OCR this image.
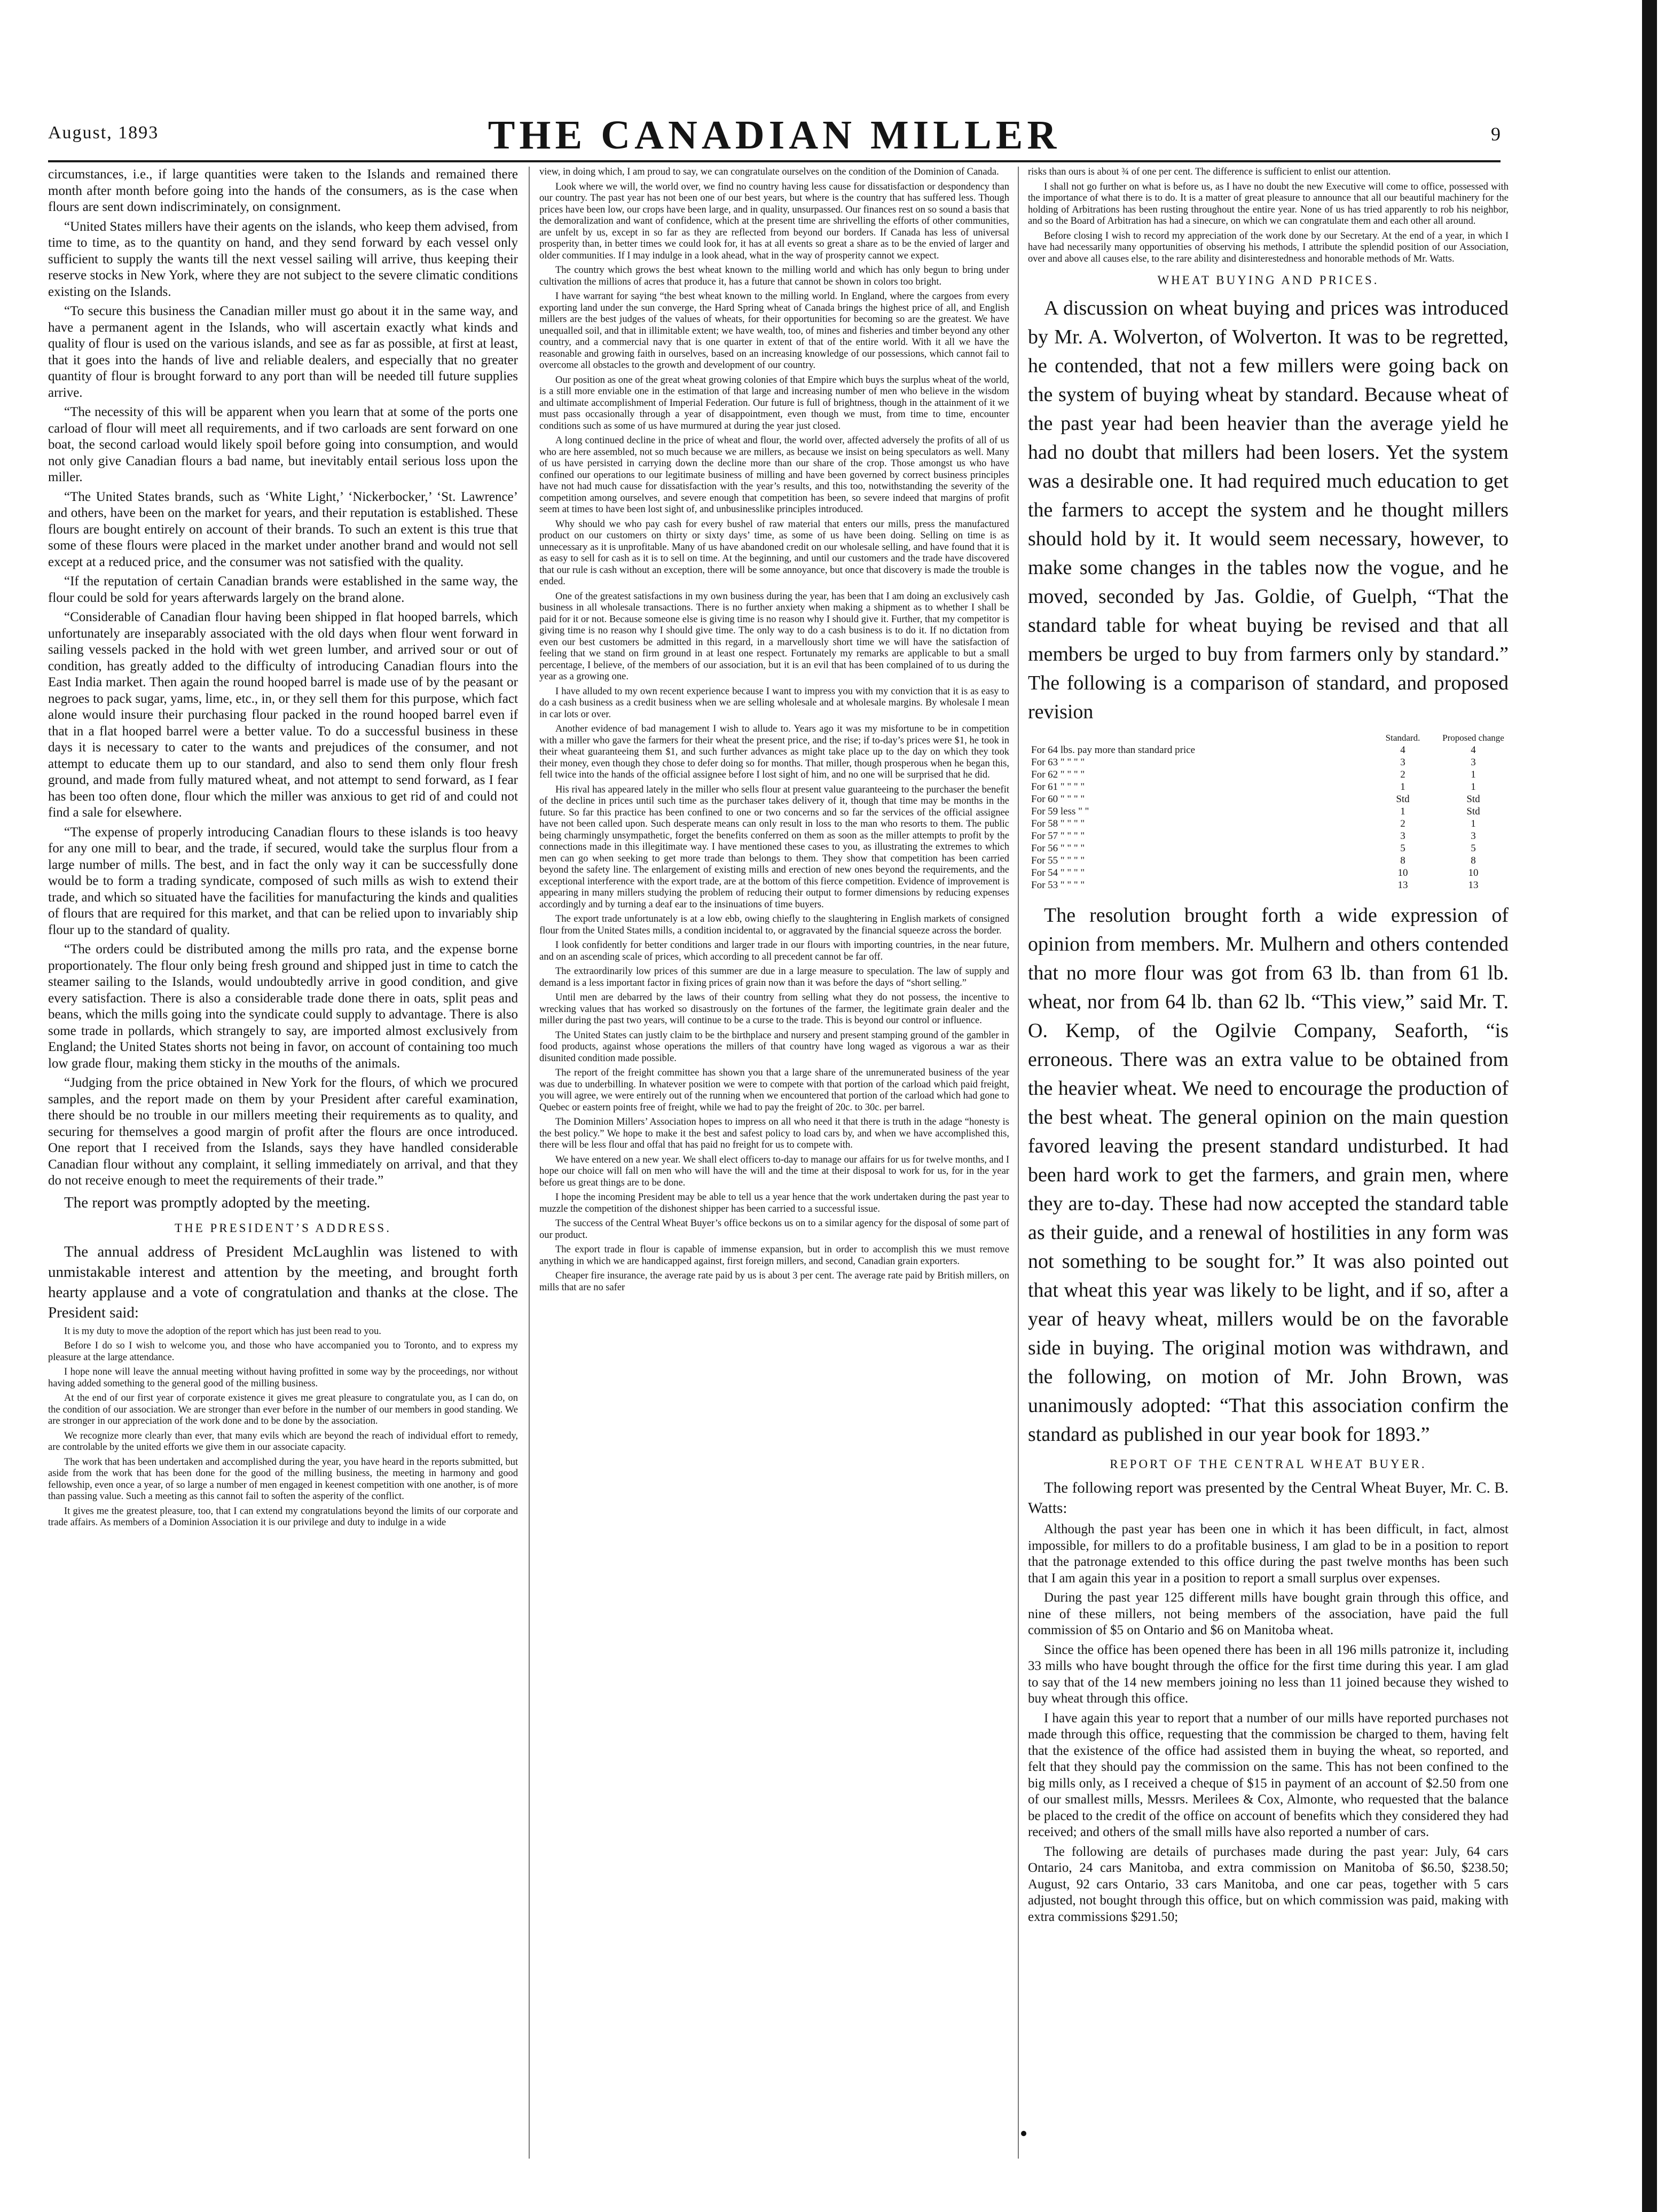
August, 1893	THE CANADIAN MILLER	9

circumstances, i.e., if large quantities were taken to the Islands and remained there month after month before going into the hands of the consumers, as is the case when flours are sent down indiscriminately, on consignment.

“United States millers have their agents on the islands, who keep them advised, from time to time, as to the quantity on hand, and they send forward by each vessel only sufficient to supply the wants till the next vessel sailing will arrive, thus keeping their reserve stocks in New York, where they are not subject to the severe climatic conditions existing on the Islands.

“To secure this business the Canadian miller must go about it in the same way, and have a permanent agent in the Islands, who will ascertain exactly what kinds and quality of flour is used on the various islands, and see as far as possible, at first at least, that it goes into the hands of live and reliable dealers, and especially that no greater quantity of flour is brought forward to any port than will be needed till future supplies arrive.

“The necessity of this will be apparent when you learn that at some of the ports one carload of flour will meet all requirements, and if two carloads are sent forward on one boat, the second carload would likely spoil before going into consumption, and would not only give Canadian flours a bad name, but inevitably entail serious loss upon the miller.

“The United States brands, such as ‘White Light,’ ‘Nickerbocker,’ ‘St. Lawrence’ and others, have been on the market for years, and their reputation is established. These flours are bought entirely on account of their brands. To such an extent is this true that some of these flours were placed in the market under another brand and would not sell except at a reduced price, and the consumer was not satisfied with the quality.

“If the reputation of certain Canadian brands were established in the same way, the flour could be sold for years afterwards largely on the brand alone.

“Considerable of Canadian flour having been shipped in flat hooped barrels, which unfortunately are inseparably associated with the old days when flour went forward in sailing vessels packed in the hold with wet green lumber, and arrived sour or out of condition, has greatly added to the difficulty of introducing Canadian flours into the East India market. Then again the round hooped barrel is made use of by the peasant or negroes to pack sugar, yams, lime, etc., in, or they sell them for this purpose, which fact alone would insure their purchasing flour packed in the round hooped barrel even if that in a flat hooped barrel were a better value. To do a successful business in these days it is necessary to cater to the wants and prejudices of the consumer, and not attempt to educate them up to our standard, and also to send them only flour fresh ground, and made from fully matured wheat, and not attempt to send forward, as I fear has been too often done, flour which the miller was anxious to get rid of and could not find a sale for elsewhere.

“The expense of properly introducing Canadian flours to these islands is too heavy for any one mill to bear, and the trade, if secured, would take the surplus flour from a large number of mills. The best, and in fact the only way it can be successfully done would be to form a trading syndicate, composed of such mills as wish to extend their trade, and which so situated have the facilities for manufacturing the kinds and qualities of flours that are required for this market, and that can be relied upon to invariably ship flour up to the standard of quality.

“The orders could be distributed among the mills pro rata, and the expense borne proportionately. The flour only being fresh ground and shipped just in time to catch the steamer sailing to the Islands, would undoubtedly arrive in good condition, and give every satisfaction. There is also a considerable trade done there in oats, split peas and beans, which the mills going into the syndicate could supply to advantage. There is also some trade in pollards, which strangely to say, are imported almost exclusively from England; the United States shorts not being in favor, on account of containing too much low grade flour, making them sticky in the mouths of the animals.

“Judging from the price obtained in New York for the flours, of which we procured samples, and the report made on them by your President after careful examination, there should be no trouble in our millers meeting their requirements as to quality, and securing for themselves a good margin of profit after the flours are once introduced. One report that I received from the Islands, says they have handled considerable Canadian flour without any complaint, it selling immediately on arrival, and that they do not receive enough to meet the requirements of their trade.”

The report was promptly adopted by the meeting.

THE PRESIDENT’S ADDRESS.

The annual address of President McLaughlin was listened to with unmistakable interest and attention by the meeting, and brought forth hearty applause and a vote of congratulation and thanks at the close. The President said:

It is my duty to move the adoption of the report which has just been read to you.

Before I do so I wish to welcome you, and those who have accompanied you to Toronto, and to express my pleasure at the large attendance.

I hope none will leave the annual meeting without having profitted in some way by the proceedings, nor without having added something to the general good of the milling business.

At the end of our first year of corporate existence it gives me great pleasure to congratulate you, as I can do, on the condition of our association. We are stronger than ever before in the number of our members in good standing. We are stronger in our appreciation of the work done and to be done by the association.

We recognize more clearly than ever, that many evils which are beyond the reach of individual effort to remedy, are controlable by the united efforts we give them in our associate capacity.

The work that has been undertaken and accomplished during the year, you have heard in the reports submitted, but aside from the work that has been done for the good of the milling business, the meeting in harmony and good fellowship, even once a year, of so large a number of men engaged in keenest competition with one another, is of more than passing value. Such a meeting as this cannot fail to soften the asperity of the conflict.

It gives me the greatest pleasure, too, that I can extend my congratulations beyond the limits of our corporate and trade affairs. As members of a Dominion Association it is our privilege and duty to indulge in a wide

view, in doing which, I am proud to say, we can congratulate ourselves on the condition of the Dominion of Canada.

Look where we will, the world over, we find no country having less cause for dissatisfaction or despondency than our country. The past year has not been one of our best years, but where is the country that has suffered less. Though prices have been low, our crops have been large, and in quality, unsurpassed. Our finances rest on so sound a basis that the demoralization and want of confidence, which at the present time are shrivelling the efforts of other communities, are unfelt by us, except in so far as they are reflected from beyond our borders. If Canada has less of universal prosperity than, in better times we could look for, it has at all events so great a share as to be the envied of larger and older communities. If I may indulge in a look ahead, what in the way of prosperity cannot we expect.

The country which grows the best wheat known to the milling world and which has only begun to bring under cultivation the millions of acres that produce it, has a future that cannot be shown in colors too bright.

I have warrant for saying “the best wheat known to the milling world. In England, where the cargoes from every exporting land under the sun converge, the Hard Spring wheat of Canada brings the highest price of all, and English millers are the best judges of the values of wheats, for their opportunities for becoming so are the greatest. We have unequalled soil, and that in illimitable extent; we have wealth, too, of mines and fisheries and timber beyond any other country, and a commercial navy that is one quarter in extent of that of the entire world. With it all we have the reasonable and growing faith in ourselves, based on an increasing knowledge of our possessions, which cannot fail to overcome all obstacles to the growth and development of our country.

Our position as one of the great wheat growing colonies of that Empire which buys the surplus wheat of the world, is a still more enviable one in the estimation of that large and increasing number of men who believe in the wisdom and ultimate accomplishment of Imperial Federation. Our future is full of brightness, though in the attainment of it we must pass occasionally through a year of disappointment, even though we must, from time to time, encounter conditions such as some of us have murmured at during the year just closed.

A long continued decline in the price of wheat and flour, the world over, affected adversely the profits of all of us who are here assembled, not so much because we are millers, as because we insist on being speculators as well. Many of us have persisted in carrying down the decline more than our share of the crop. Those amongst us who have confined our operations to our legitimate business of milling and have been governed by correct business principles have not had much cause for dissatisfaction with the year’s results, and this too, notwithstanding the severity of the competition among ourselves, and severe enough that competition has been, so severe indeed that margins of profit seem at times to have been lost sight of, and unbusinesslike principles introduced.

Why should we who pay cash for every bushel of raw material that enters our mills, press the manufactured product on our customers on thirty or sixty days’ time, as some of us have been doing. Selling on time is as unnecessary as it is unprofitable. Many of us have abandoned credit on our wholesale selling, and have found that it is as easy to sell for cash as it is to sell on time. At the beginning, and until our customers and the trade have discovered that our rule is cash without an exception, there will be some annoyance, but once that discovery is made the trouble is ended.

One of the greatest satisfactions in my own business during the year, has been that I am doing an exclusively cash business in all wholesale transactions. There is no further anxiety when making a shipment as to whether I shall be paid for it or not. Because someone else is giving time is no reason why I should give it. Further, that my competitor is giving time is no reason why I should give time. The only way to do a cash business is to do it. If no dictation from even our best customers be admitted in this regard, in a marvellously short time we will have the satisfaction of feeling that we stand on firm ground in at least one respect. Fortunately my remarks are applicable to but a small percentage, I believe, of the members of our association, but it is an evil that has been complained of to us during the year as a growing one.

I have alluded to my own recent experience because I want to impress you with my conviction that it is as easy to do a cash business as a credit business when we are selling wholesale and at wholesale margins. By wholesale I mean in car lots or over.

Another evidence of bad management I wish to allude to. Years ago it was my misfortune to be in competition with a miller who gave the farmers for their wheat the present price, and the rise; if to-day’s prices were $1, he took in their wheat guaranteeing them $1, and such further advances as might take place up to the day on which they took their money, even though they chose to defer doing so for months. That miller, though prosperous when he began this, fell twice into the hands of the official assignee before I lost sight of him, and no one will be surprised that he did.

His rival has appeared lately in the miller who sells flour at present value guaranteeing to the purchaser the benefit of the decline in prices until such time as the purchaser takes delivery of it, though that time may be months in the future. So far this practice has been confined to one or two concerns and so far the services of the official assignee have not been called upon. Such desperate means can only result in loss to the man who resorts to them. The public being charmingly unsympathetic, forget the benefits conferred on them as soon as the miller attempts to profit by the connections made in this illegitimate way. I have mentioned these cases to you, as illustrating the extremes to which men can go when seeking to get more trade than belongs to them. They show that competition has been carried beyond the safety line. The enlargement of existing mills and erection of new ones beyond the requirements, and the exceptional interference with the export trade, are at the bottom of this fierce competition. Evidence of improvement is appearing in many millers studying the problem of reducing their output to former dimensions by reducing expenses accordingly and by turning a deaf ear to the insinuations of time buyers.

The export trade unfortunately is at a low ebb, owing chiefly to the slaughtering in English markets of consigned flour from the United States mills, a condition incidental to, or aggravated by the financial squeeze across the border.

I look confidently for better conditions and larger trade in our flours with importing countries, in the near future, and on an ascending scale of prices, which according to all precedent cannot be far off.

The extraordinarily low prices of this summer are due in a large measure to speculation. The law of supply and demand is a less important factor in fixing prices of grain now than it was before the days of “short selling.”

Until men are debarred by the laws of their country from selling what they do not possess, the incentive to wrecking values that has worked so disastrously on the fortunes of the farmer, the legitimate grain dealer and the miller during the past two years, will continue to be a curse to the trade. This is beyond our control or influence.

The United States can justly claim to be the birthplace and nursery and present stamping ground of the gambler in food products, against whose operations the millers of that country have long waged as vigorous a war as their disunited condition made possible.

The report of the freight committee has shown you that a large share of the unremunerated business of the year was due to underbilling. In whatever position we were to compete with that portion of the carload which paid freight, you will agree, we were entirely out of the running when we encountered that portion of the carload which had gone to Quebec or eastern points free of freight, while we had to pay the freight of 20c. to 30c. per barrel.

The Dominion Millers’ Association hopes to impress on all who need it that there is truth in the adage “honesty is the best policy.” We hope to make it the best and safest policy to load cars by, and when we have accomplished this, there will be less flour and offal that has paid no freight for us to compete with.

We have entered on a new year. We shall elect officers to-day to manage our affairs for us for twelve months, and I hope our choice will fall on men who will have the will and the time at their disposal to work for us, for in the year before us great things are to be done.

I hope the incoming President may be able to tell us a year hence that the work undertaken during the past year to muzzle the competition of the dishonest shipper has been carried to a successful issue.

The success of the Central Wheat Buyer’s office beckons us on to a similar agency for the disposal of some part of our product.

The export trade in flour is capable of immense expansion, but in order to accomplish this we must remove anything in which we are handicapped against, first foreign millers, and second, Canadian grain exporters.

Cheaper fire insurance, the average rate paid by us is about 3 per cent. The average rate paid by British millers, on mills that are no safer

risks than ours is about ¾ of one per cent. The difference is sufficient to enlist our attention.

I shall not go further on what is before us, as I have no doubt the new Executive will come to office, possessed with the importance of what there is to do. It is a matter of great pleasure to announce that all our beautiful machinery for the holding of Arbitrations has been rusting throughout the entire year. None of us has tried apparently to rob his neighbor, and so the Board of Arbitration has had a sinecure, on which we can congratulate them and each other all around.

Before closing I wish to record my appreciation of the work done by our Secretary. At the end of a year, in which I have had necessarily many opportunities of observing his methods, I attribute the splendid position of our Association, over and above all causes else, to the rare ability and disinterestedness and honorable methods of Mr. Watts.

WHEAT BUYING AND PRICES.

A discussion on wheat buying and prices was introduced by Mr. A. Wolverton, of Wolverton. It was to be regretted, he contended, that not a few millers were going back on the system of buying wheat by standard. Because wheat of the past year had been heavier than the average yield he had no doubt that millers had been losers. Yet the system was a desirable one. It had required much education to get the farmers to accept the system and he thought millers should hold by it. It would seem necessary, however, to make some changes in the tables now the vogue, and he moved, seconded by Jas. Goldie, of Guelph, “That the standard table for wheat buying be revised and that all members be urged to buy from farmers only by standard.” The following is a comparison of standard, and proposed revision

	Standard.	Proposed change
For 64 lbs. pay more than standard price	4	4
For 63 " " " "	3	3
For 62 " " " "	2	1
For 61 " " " "	1	1
For 60 " " " "	Std	Std
For 59 less " "	1	Std
For 58 " " " "	2	1
For 57 " " " "	3	3
For 56 " " " "	5	5
For 55 " " " "	8	8
For 54 " " " "	10	10
For 53 " " " "	13	13

The resolution brought forth a wide expression of opinion from members. Mr. Mulhern and others contended that no more flour was got from 63 lb. than from 61 lb. wheat, nor from 64 lb. than 62 lb. “This view,” said Mr. T. O. Kemp, of the Ogilvie Company, Seaforth, “is erroneous. There was an extra value to be obtained from the heavier wheat. We need to encourage the production of the best wheat. The general opinion on the main question favored leaving the present standard undisturbed. It had been hard work to get the farmers, and grain men, where they are to-day. These had now accepted the standard table as their guide, and a renewal of hostilities in any form was not something to be sought for.” It was also pointed out that wheat this year was likely to be light, and if so, after a year of heavy wheat, millers would be on the favorable side in buying. The original motion was withdrawn, and the following, on motion of Mr. John Brown, was unanimously adopted: “That this association confirm the standard as published in our year book for 1893.”

REPORT OF THE CENTRAL WHEAT BUYER.

The following report was presented by the Central Wheat Buyer, Mr. C. B. Watts:

Although the past year has been one in which it has been difficult, in fact, almost impossible, for millers to do a profitable business, I am glad to be in a position to report that the patronage extended to this office during the past twelve months has been such that I am again this year in a position to report a small surplus over expenses.

During the past year 125 different mills have bought grain through this office, and nine of these millers, not being members of the association, have paid the full commission of $5 on Ontario and $6 on Manitoba wheat.

Since the office has been opened there has been in all 196 mills patronize it, including 33 mills who have bought through the office for the first time during this year. I am glad to say that of the 14 new members joining no less than 11 joined because they wished to buy wheat through this office.

I have again this year to report that a number of our mills have reported purchases not made through this office, requesting that the commission be charged to them, having felt that the existence of the office had assisted them in buying the wheat, so reported, and felt that they should pay the commission on the same. This has not been confined to the big mills only, as I received a cheque of $15 in payment of an account of $2.50 from one of our smallest mills, Messrs. Merilees & Cox, Almonte, who requested that the balance be placed to the credit of the office on account of benefits which they considered they had received; and others of the small mills have also reported a number of cars.

The following are details of purchases made during the past year: July, 64 cars Ontario, 24 cars Manitoba, and extra commission on Manitoba of $6.50, $238.50; August, 92 cars Ontario, 33 cars Manitoba, and one car peas, together with 5 cars adjusted, not bought through this office, but on which commission was paid, making with extra commissions $291.50;
